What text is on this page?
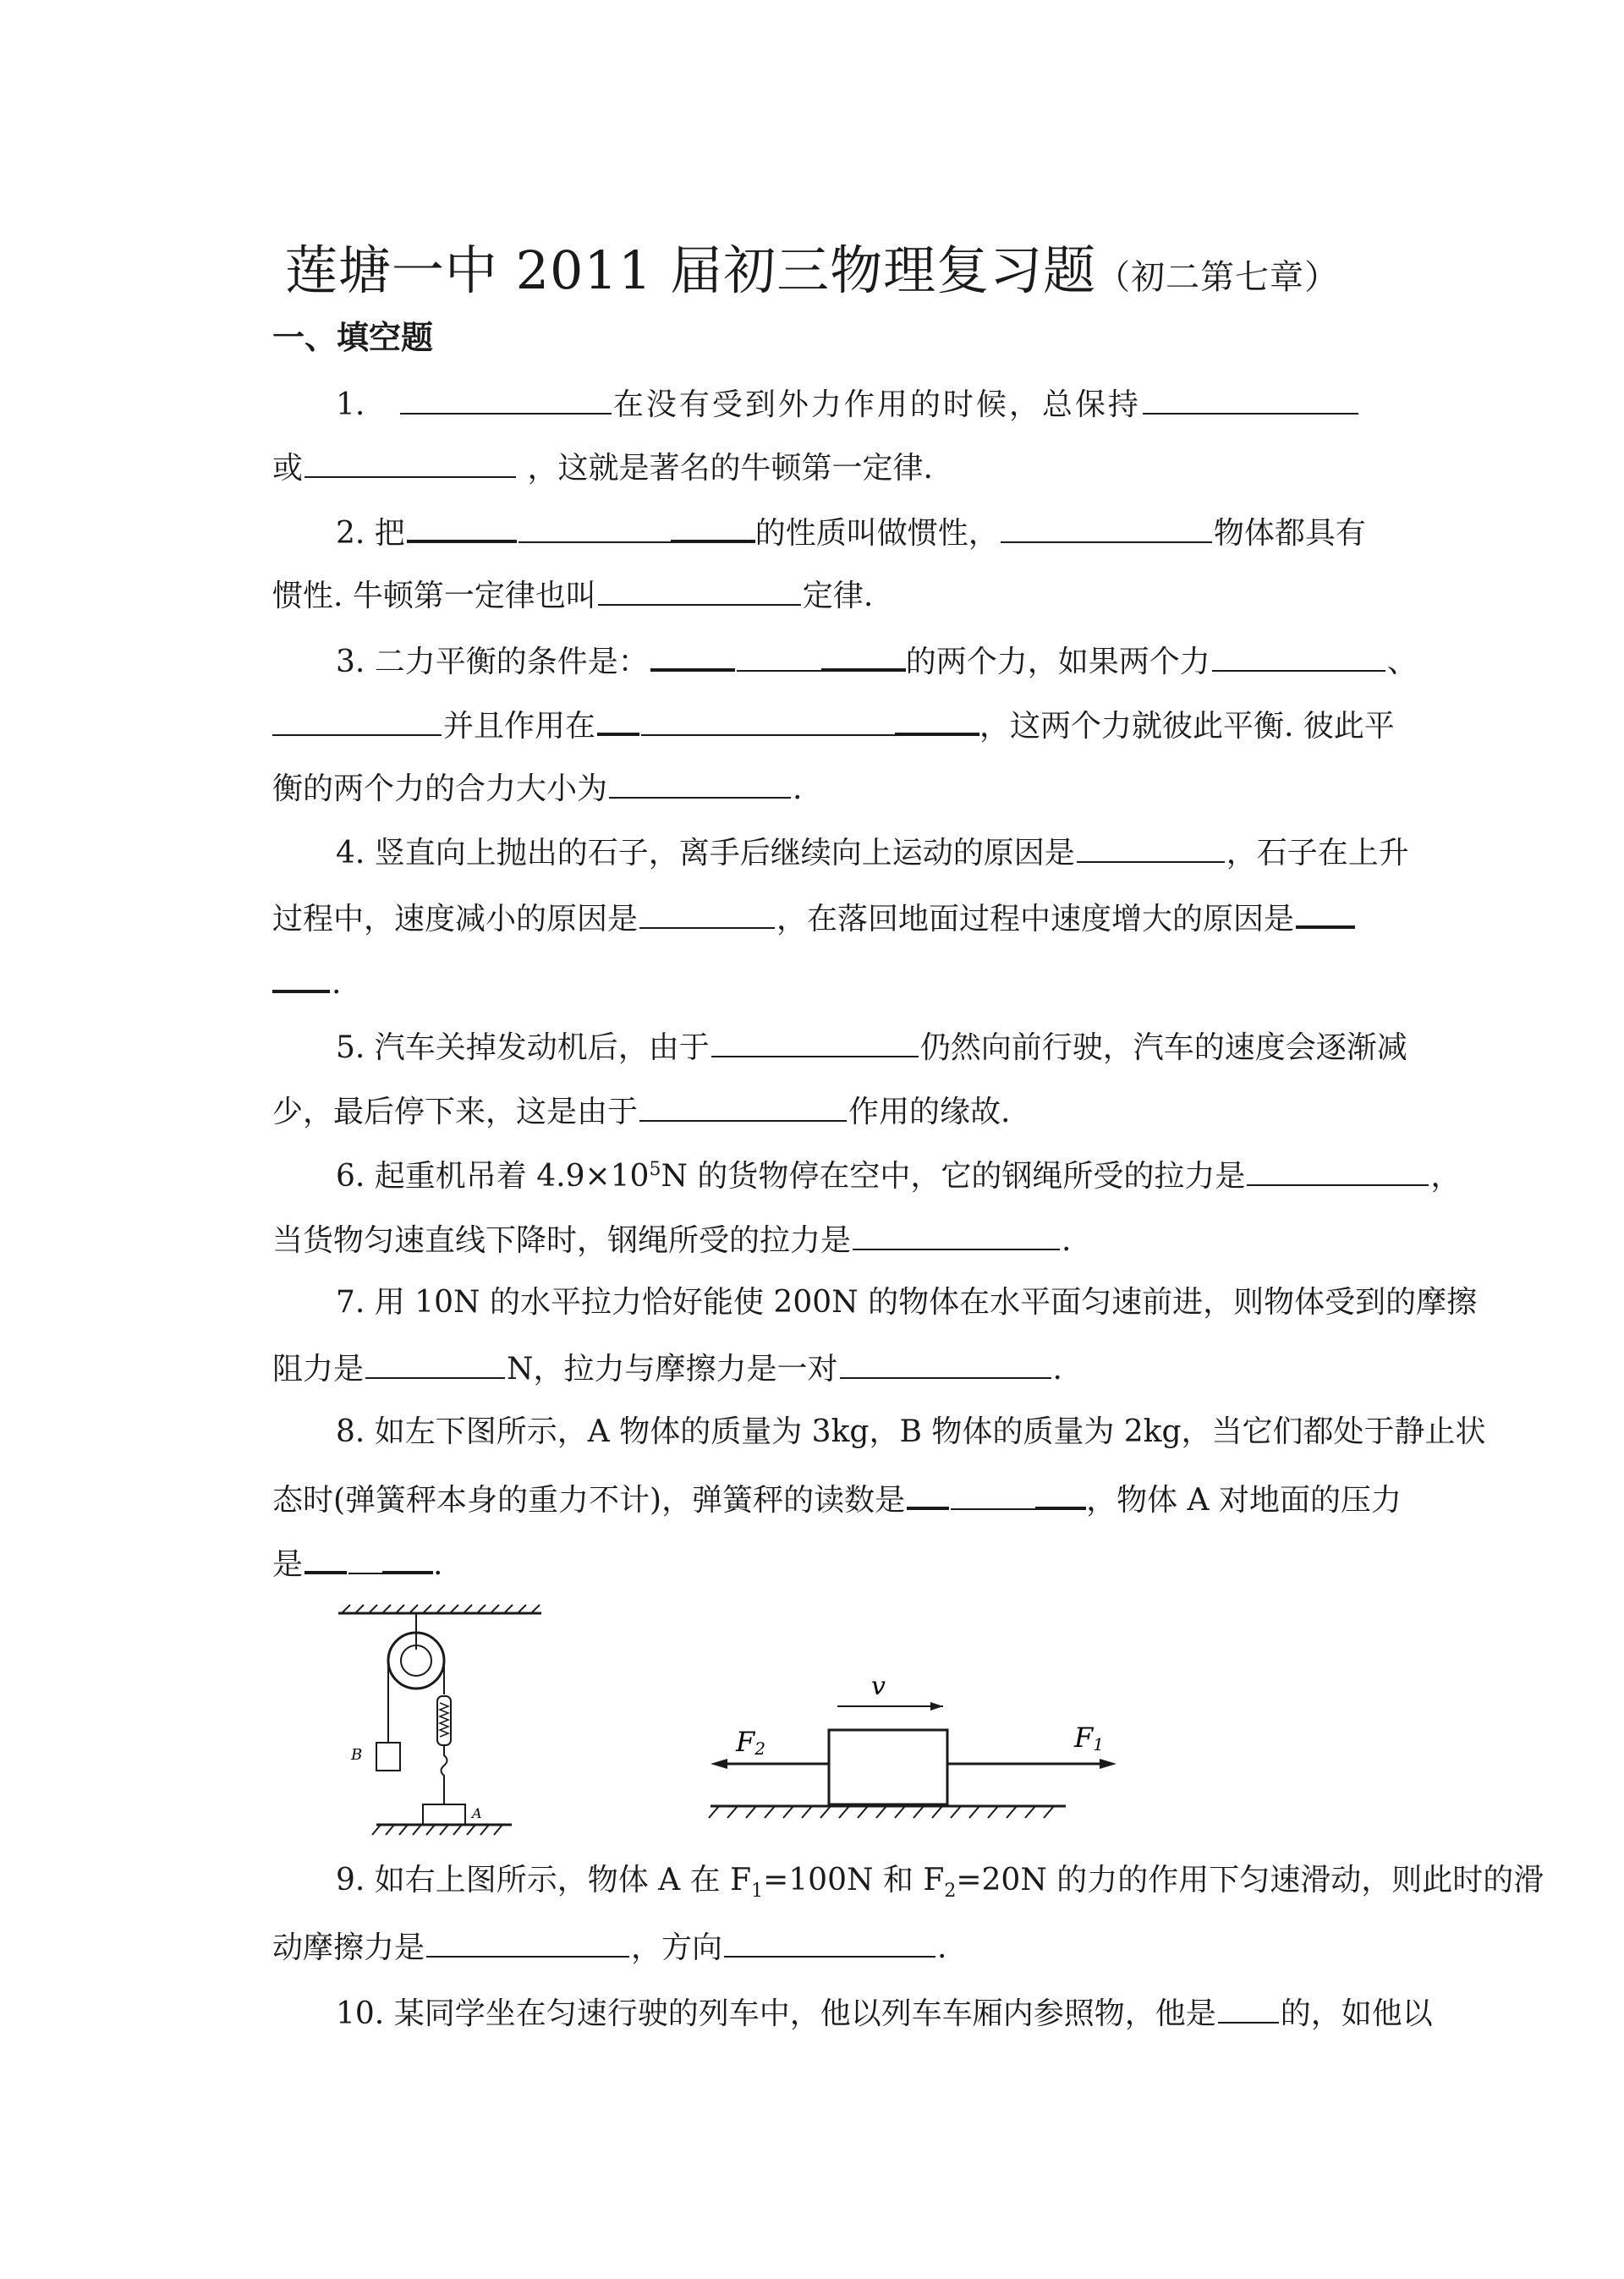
莲塘一中 2011 届初三物理复习题（初二第七章）
一、填空题
1.	在没有受到外力作用的时候，总保持
或	，这就是著名的牛顿第一定律.
2. 把	的性质叫做惯性，	物体都具有
惯性. 牛顿第一定律也叫	定律.
3. 二力平衡的条件是：	的两个力，如果两个力	、
并且作用在	，这两个力就彼此平衡. 彼此平
衡的两个力的合力大小为	.
4. 竖直向上抛出的石子，离手后继续向上运动的原因是	，石子在上升
过程中，速度减小的原因是	，在落回地面过程中速度增大的原因是
.
5. 汽车关掉发动机后，由于	仍然向前行驶，汽车的速度会逐渐减
少，最后停下来，这是由于	作用的缘故.
6. 起重机吊着 $4.9\times 10^5N$ 的货物停在空中，它的钢绳所受的拉力是	，
当货物匀速直线下降时，钢绳所受的拉力是	.
7. 用 10N 的水平拉力恰好能使 200N 的物体在水平面匀速前进，则物体受到的摩擦
阻力是	N，拉力与摩擦力是一对	.
8. 如左下图所示，A 物体的质量为 3kg，B 物体的质量为 2kg，当它们都处于静止状
态时(弹簧秤本身的重力不计)，弹簧秤的读数是	，物体 A 对地面的压力
是	.
B
A
v
F1
F2
9. 如右上图所示，物体 A 在 $F_1=100N$ 和 $F_2=20N$ 的力的作用下匀速滑动，则此时的滑
动摩擦力是	，方向	.
10. 某同学坐在匀速行驶的列车中，他以列车车厢内参照物，他是 的，如他以
